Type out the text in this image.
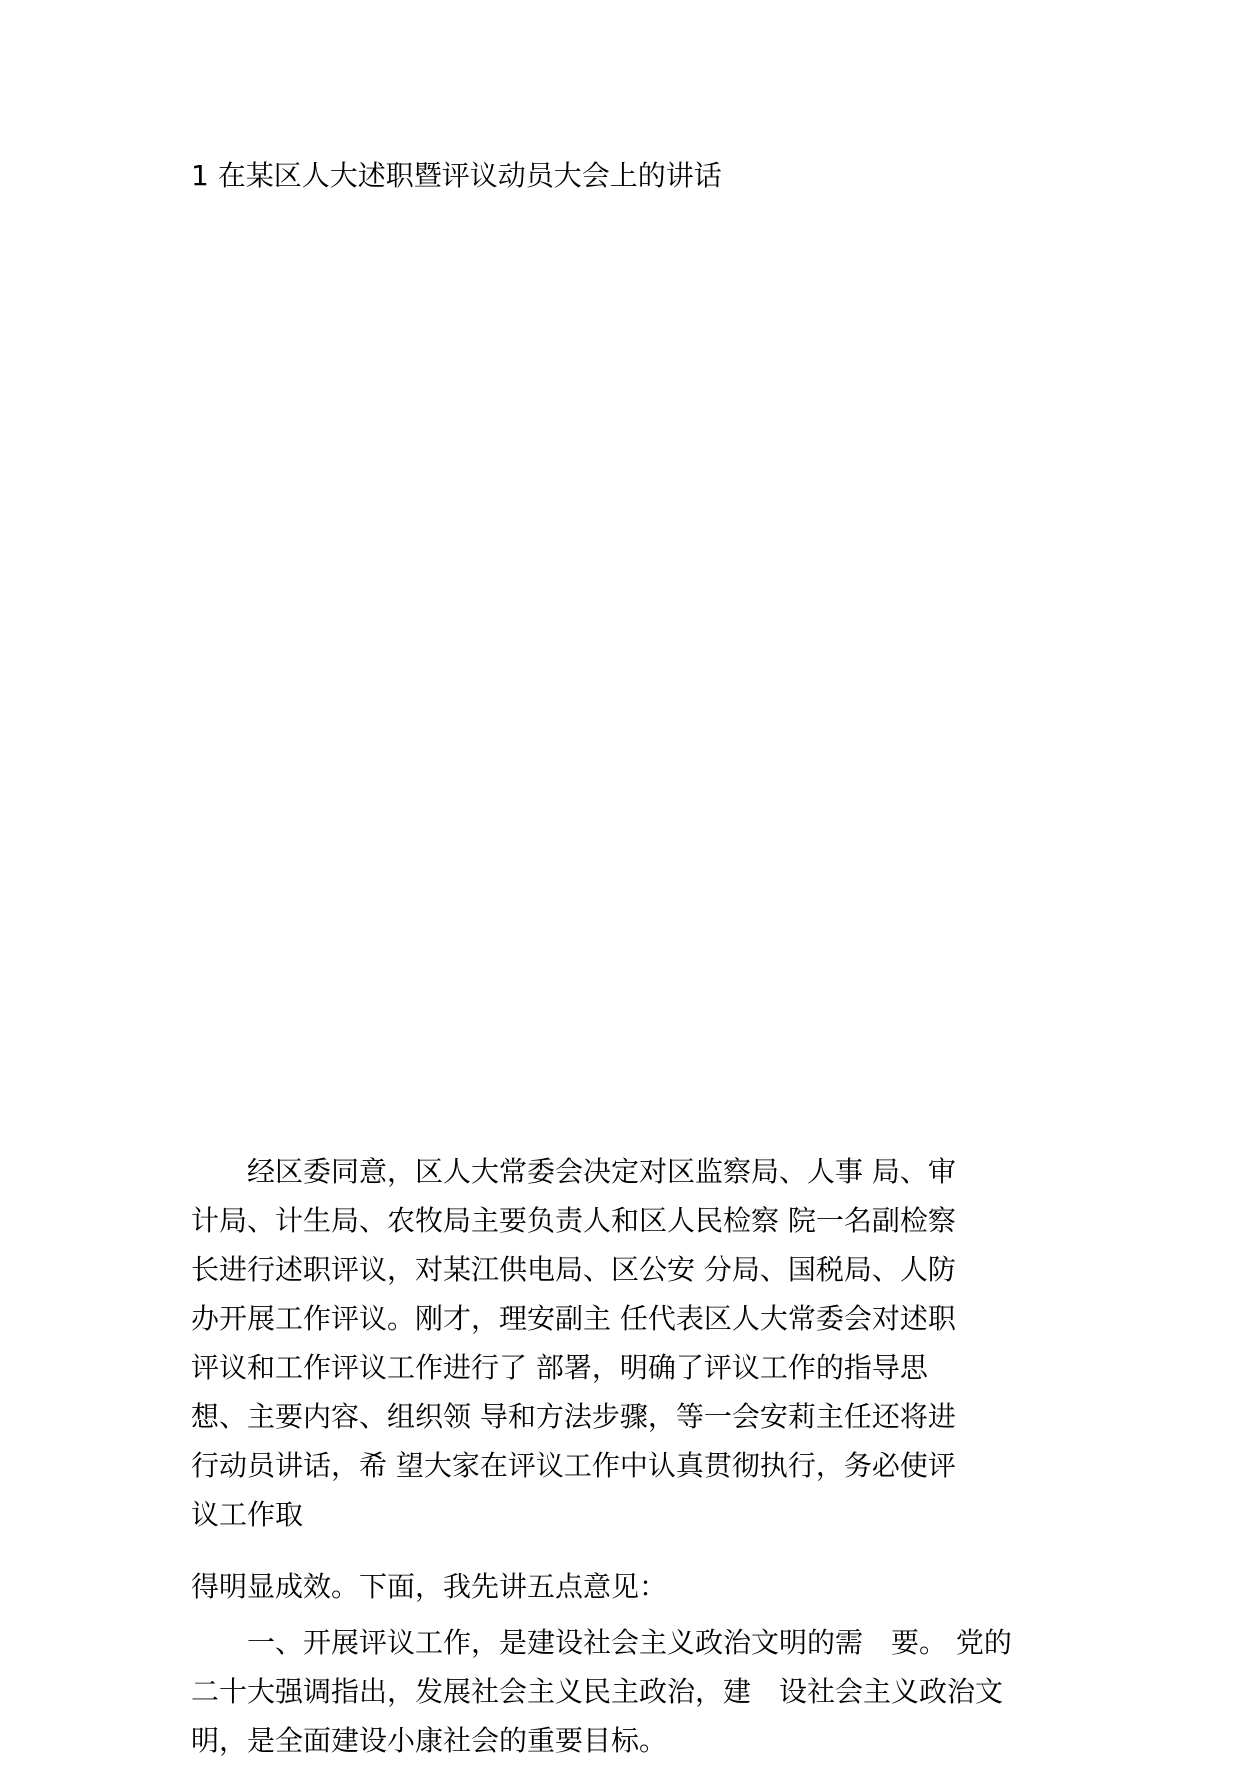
1 在某区人大述职暨评议动员大会上的讲话
　　经区委同意，区人大常委会决定对区监察局、人事 局、审
计局、计生局、农牧局主要负责人和区人民检察 院一名副检察
长进行述职评议，对某江供电局、区公安 分局、国税局、人防
办开展工作评议。刚才，理安副主 任代表区人大常委会对述职
评议和工作评议工作进行了 部署，明确了评议工作的指导思
想、主要内容、组织领 导和方法步骤，等一会安莉主任还将进
行动员讲话，希 望大家在评议工作中认真贯彻执行，务必使评
议工作取
得明显成效。下面，我先讲五点意见：
　　一、开展评议工作，是建设社会主义政治文明的需　要。 党的
二十大强调指出，发展社会主义民主政治，建　设社会主义政治文
明，是全面建设小康社会的重要目标。
